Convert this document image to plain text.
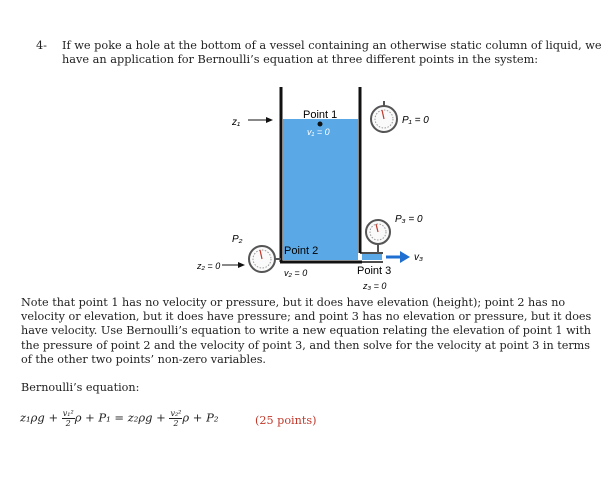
4- If we poke a hole at the bottom of a vessel containing an otherwise static column of liquid, we have an application for Bernoulli’s equation at three different points in the system:
z₁
Point 1
v₁ = 0
P₁ = 0
P₃ = 0
v₃
Point 3
z₃ = 0
P₂
Point 2
v₂ = 0
z₂ = 0
Note that point 1 has no velocity or pressure, but it does have elevation (height); point 2 has no velocity or elevation, but it does have pressure; and point 3 has no elevation or pressure, but it does have velocity. Use Bernoulli’s equation to write a new equation relating the elevation of point 1 with the pressure of point 2 and the velocity of point 3, and then solve for the velocity at point 3 in terms of the other two points’ non-zero variables.
Bernoulli’s equation:
$z_1\rho g + \frac{\text{v₁²}}{2}$ $\rho + P_1 = z_2\rho g + \frac{\text{v₂²}}{2}$ ρ + P₂	(25 points)
